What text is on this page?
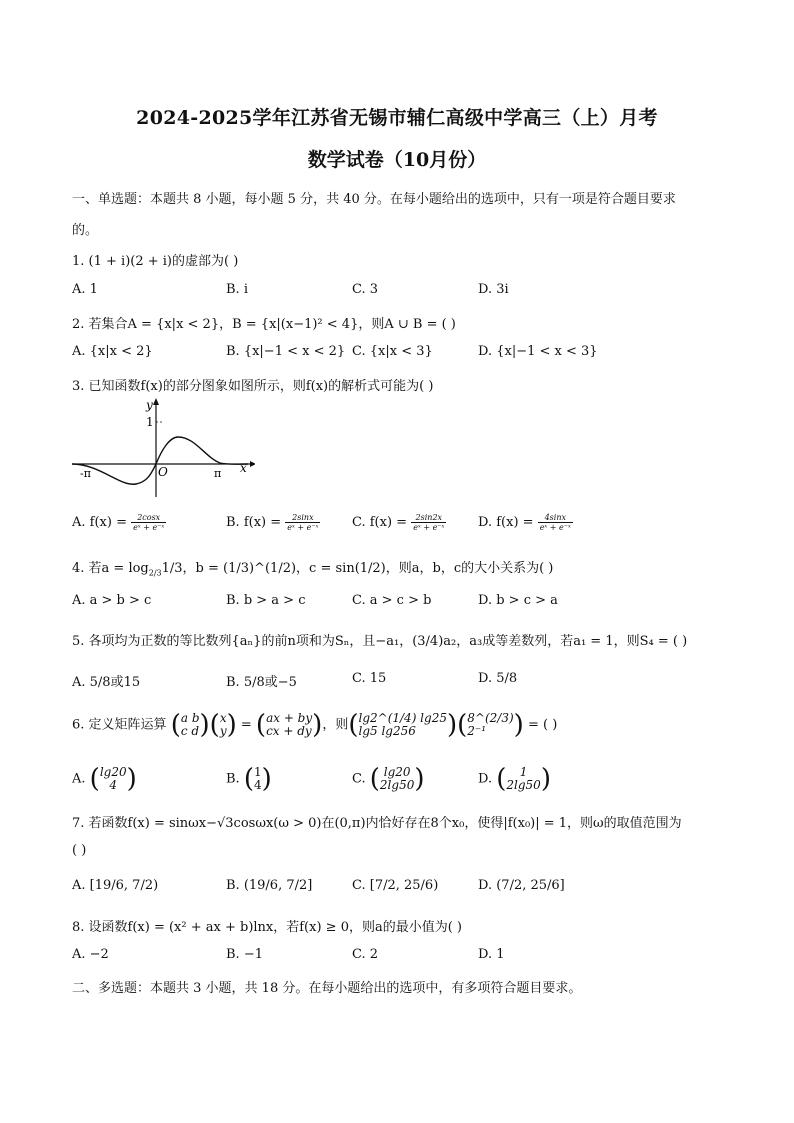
2024-2025学年江苏省无锡市辅仁高级中学高三（上）月考
数学试卷（10月份）
一、单选题：本题共 8 小题，每小题 5 分，共 40 分。在每小题给出的选项中，只有一项是符合题目要求
的。
1. (1 + i)(2 + i)的虚部为( )
A. 1	B. i	C. 3	D. 3i
2. 若集合A = {x|x < 2}，B = {x|(x−1)² < 4}，则A ∪ B = ( )
A. {x|x < 2}	B. {x|−1 < x < 2} C. {x|x < 3}	D. {x|−1 < x < 3}
3. 已知函数f(x)的部分图象如图所示，则f(x)的解析式可能为( )
y
x
1
O
-π	π
A. $f(x) = \frac{2\cos x}{\text{eˣ + e⁻ˣ}}$	B. $f(x) = \frac{2\sin x}{\text{eˣ + e⁻ˣ}} C$. $f(x) = \frac{2\sin 2x}{\text{eˣ + e⁻ˣ}} D$. $f(x) = \frac{4\sin x}{\text{eˣ + e⁻ˣ}}$
4. 若$a = \log_{2/3}1/3$，b = (1/3)^(1/2)，c = sin(1/2)，则a，b，c的大小关系为( )
A. a > b > c	B. b > a > c	C. a > c > b	D. b > c > a
5. 各项均为正数的等比数列{aₙ}的前n项和为Sₙ，且−a₁，(3/4)a₂，a₃成等差数列，若a₁ = 1，则S₄ = ( )
A. 5/8或15	B. 5/8或−5	C. 15	D. 5/8
6. 定义矩阵运算 (a b
c d)(x
y) = (ax + by
cx + dy)，则(lg2^(1/4) lg25
lg5 lg256 )(8^(2/3)
2⁻¹ ) = ( )
A. (lg20
4 )	B. (1
4)	C. ( lg20
2lg50)	D. ( 1
2lg50)
7. 若函数f(x) = sinωx−√3cosωx(ω > 0)在(0,π)内恰好存在8个x₀，使得|f(x₀)| = 1，则ω的取值范围为
( )
A. [19/6, 7/2)	B. (19/6, 7/2]	C. [7/2, 25/6)	D. (7/2, 25/6]
8. 设函数f(x) = (x² + ax + b)lnx，若f(x) ≥ 0，则a的最小值为( )
A. −2	B. −1	C. 2	D. 1
二、多选题：本题共 3 小题，共 18 分。在每小题给出的选项中，有多项符合题目要求。
